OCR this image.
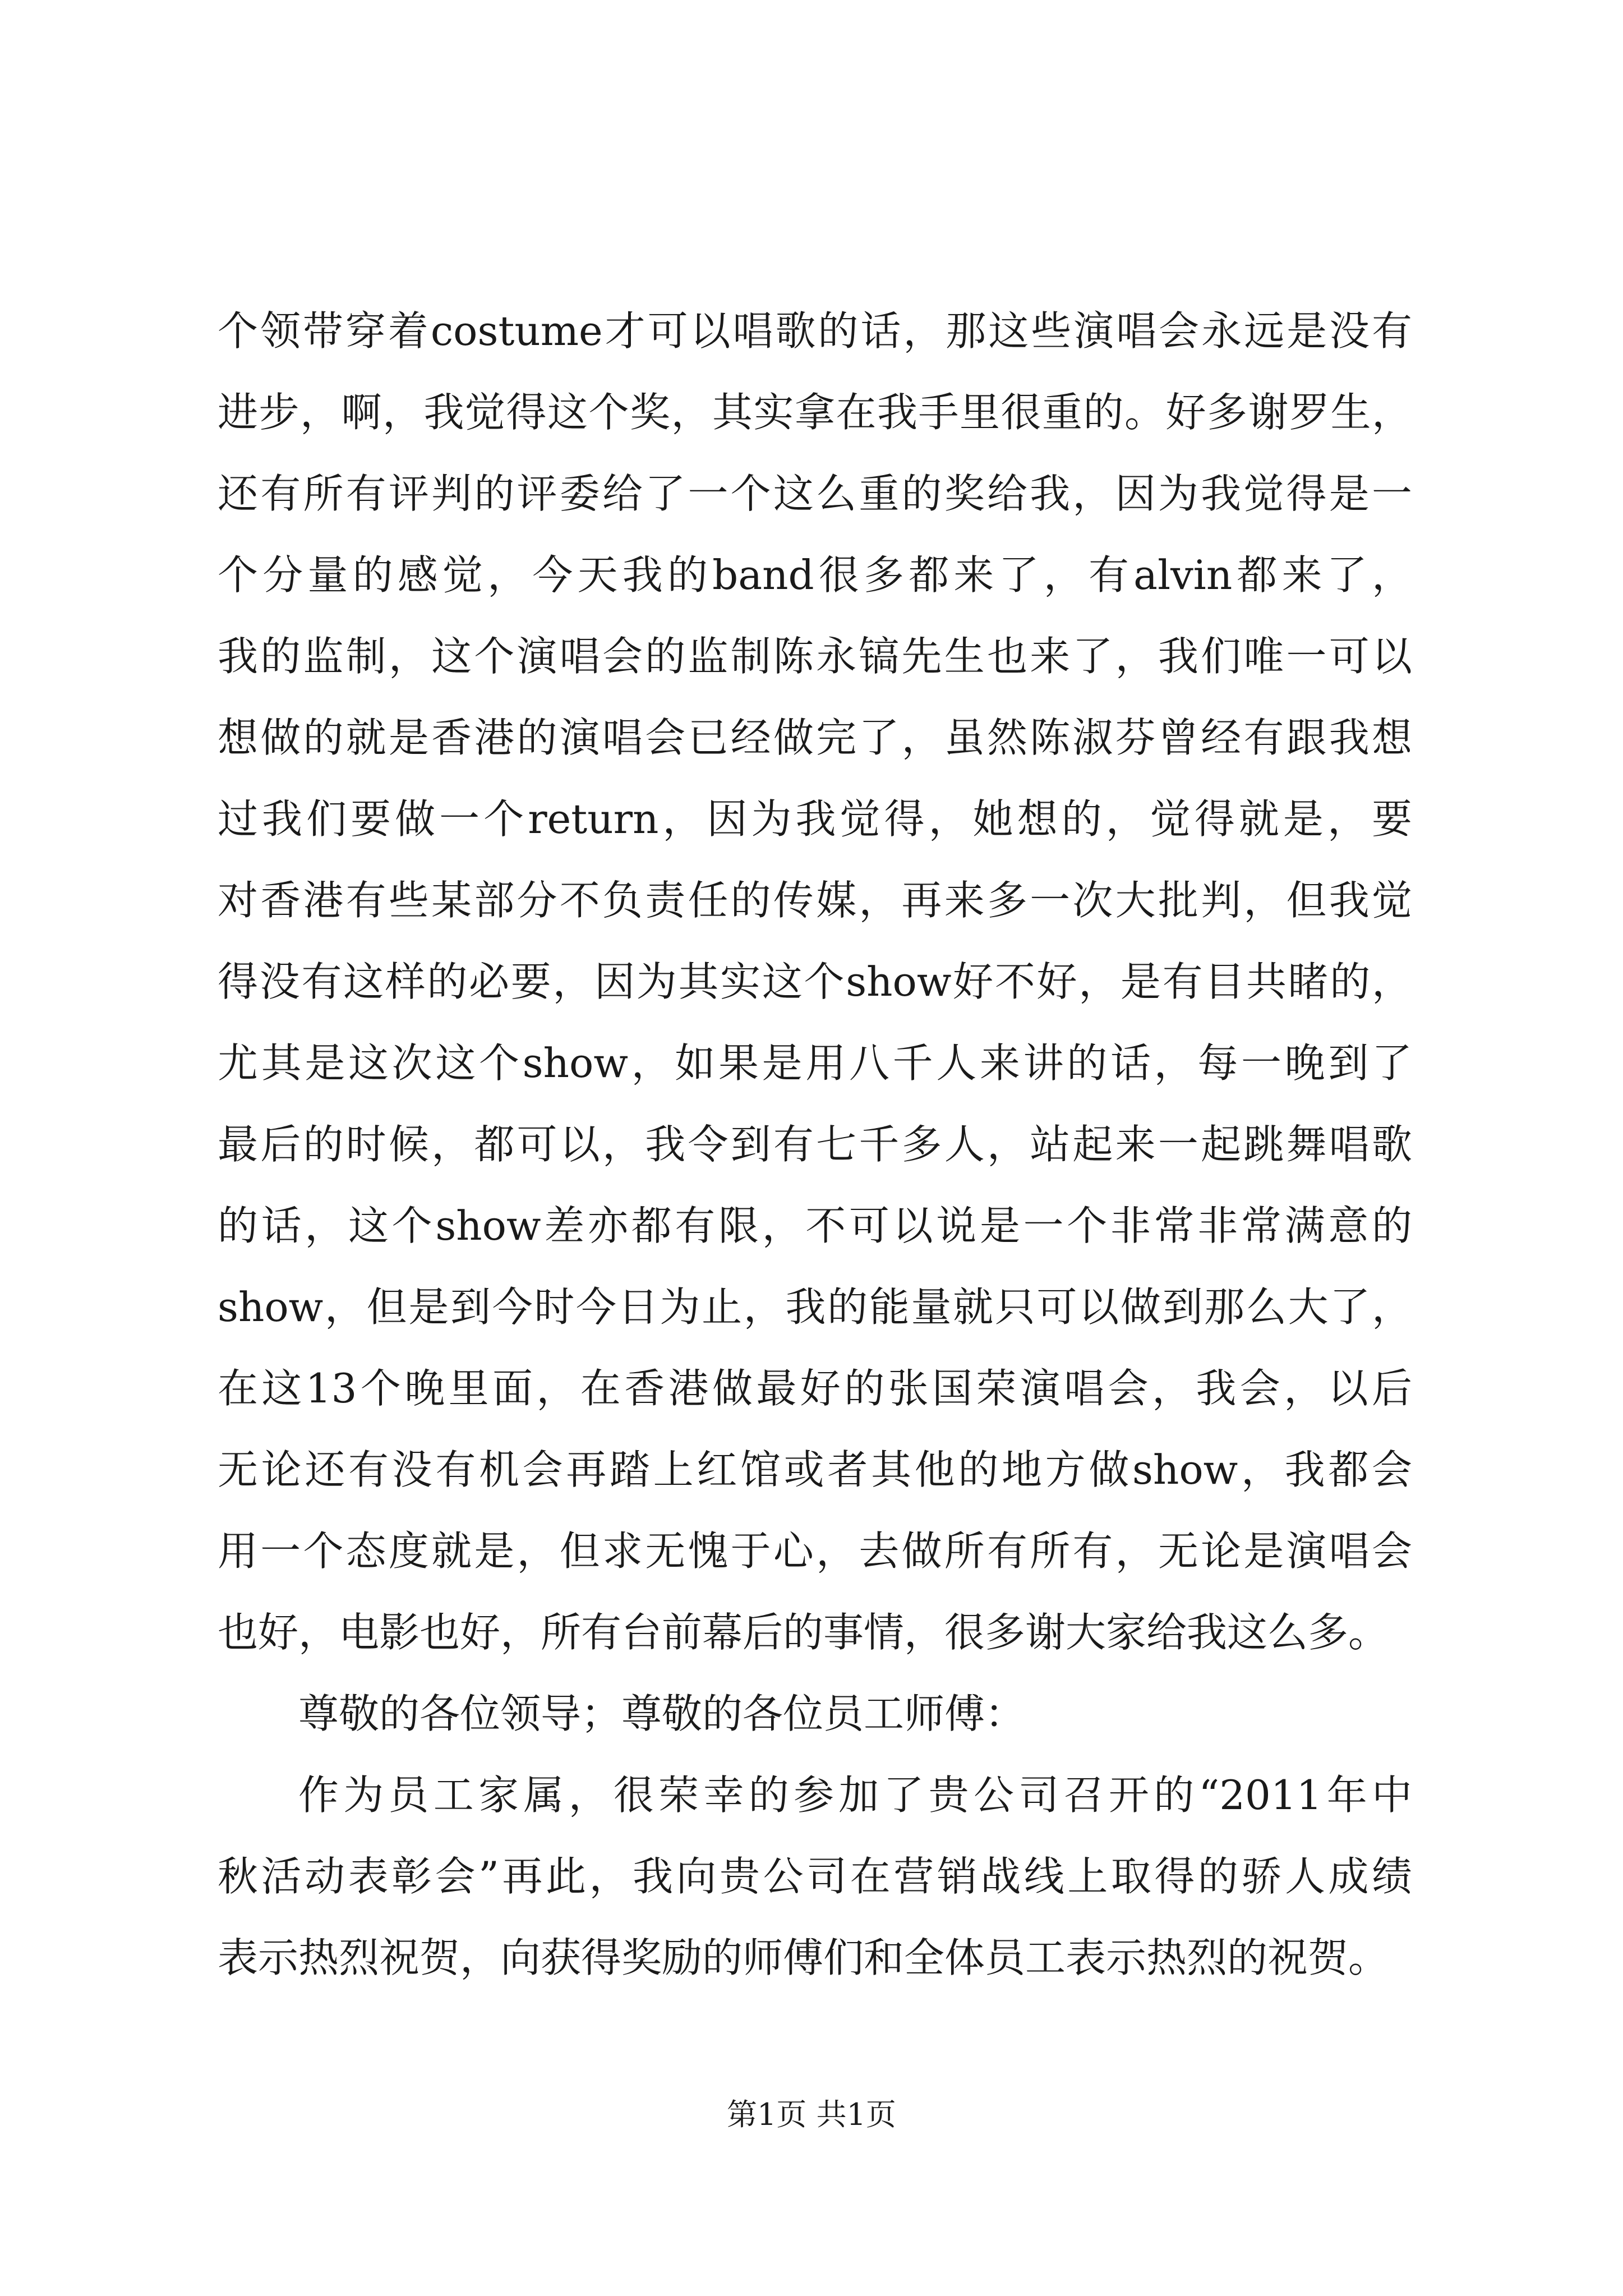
个领带穿着costume才可以唱歌的话，那这些演唱会永远是没有
进步，啊，我觉得这个奖，其实拿在我手里很重的。好多谢罗生，
还有所有评判的评委给了一个这么重的奖给我，因为我觉得是一
个分量的感觉，今天我的band很多都来了，有alvin都来了，
我的监制，这个演唱会的监制陈永镐先生也来了，我们唯一可以
想做的就是香港的演唱会已经做完了，虽然陈淑芬曾经有跟我想
过我们要做一个return，因为我觉得，她想的，觉得就是，要
对香港有些某部分不负责任的传媒，再来多一次大批判，但我觉
得没有这样的必要，因为其实这个show好不好，是有目共睹的，
尤其是这次这个show，如果是用八千人来讲的话，每一晚到了
最后的时候，都可以，我令到有七千多人，站起来一起跳舞唱歌
的话，这个show差亦都有限，不可以说是一个非常非常满意的
show，但是到今时今日为止，我的能量就只可以做到那么大了，
在这13个晚里面，在香港做最好的张国荣演唱会，我会，以后
无论还有没有机会再踏上红馆或者其他的地方做show，我都会
用一个态度就是，但求无愧于心，去做所有所有，无论是演唱会
也好，电影也好，所有台前幕后的事情，很多谢大家给我这么多。
尊敬的各位领导；尊敬的各位员工师傅：
作为员工家属，很荣幸的参加了贵公司召开的“2011年中
秋活动表彰会”再此，我向贵公司在营销战线上取得的骄人成绩
表示热烈祝贺，向获得奖励的师傅们和全体员工表示热烈的祝贺。
第1页 共1页
